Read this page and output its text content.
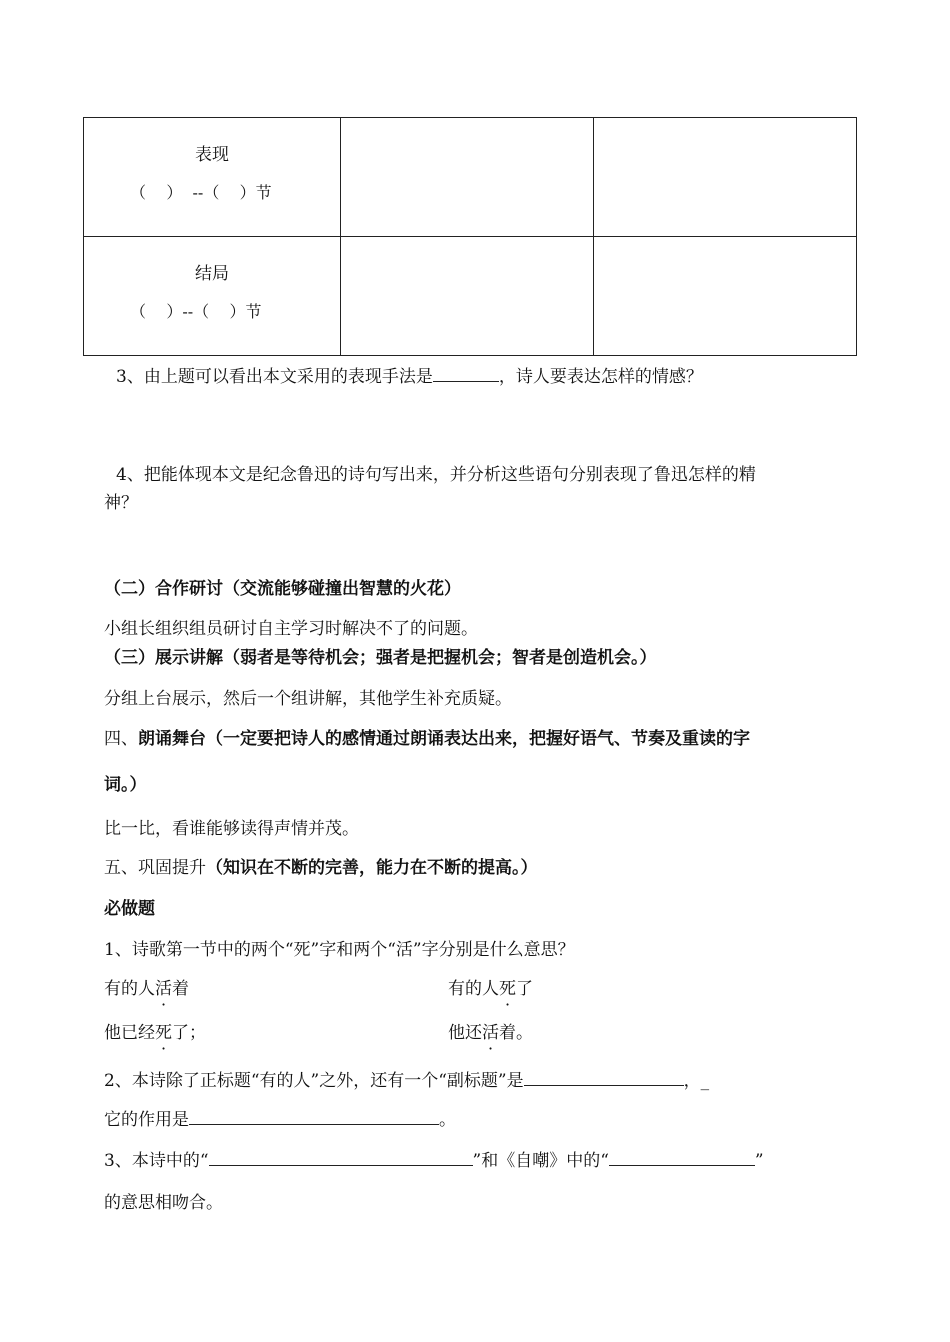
表现
（    ）  --（    ）节		

结局
（    ）--（    ）节		

3、由上题可以看出本文采用的表现手法是	，诗人要表达怎样的情感？
4、把能体现本文是纪念鲁迅的诗句写出来，并分析这些语句分别表现了鲁迅怎样的精
神？
（二）合作研讨（交流能够碰撞出智慧的火花）
小组长组织组员研讨自主学习时解决不了的问题。
（三）展示讲解（弱者是等待机会；强者是把握机会；智者是创造机会。）
分组上台展示，然后一个组讲解，其他学生补充质疑。
四、朗诵舞台（一定要把诗人的感情通过朗诵表达出来，把握好语气、节奏及重读的字
词。）
比一比，看谁能够读得声情并茂。
五、巩固提升（知识在不断的完善，能力在不断的提高。）
必做题
1、诗歌第一节中的两个“死”字和两个“活”字分别是什么意思？
有的人活着	有的人死了
他已经死了；	他还活着。
2、本诗除了正标题“有的人”之外，还有一个“副标题”是	，_
它的作用是	。
3、本诗中的“	”和《自嘲》中的“	”
的意思相吻合。
